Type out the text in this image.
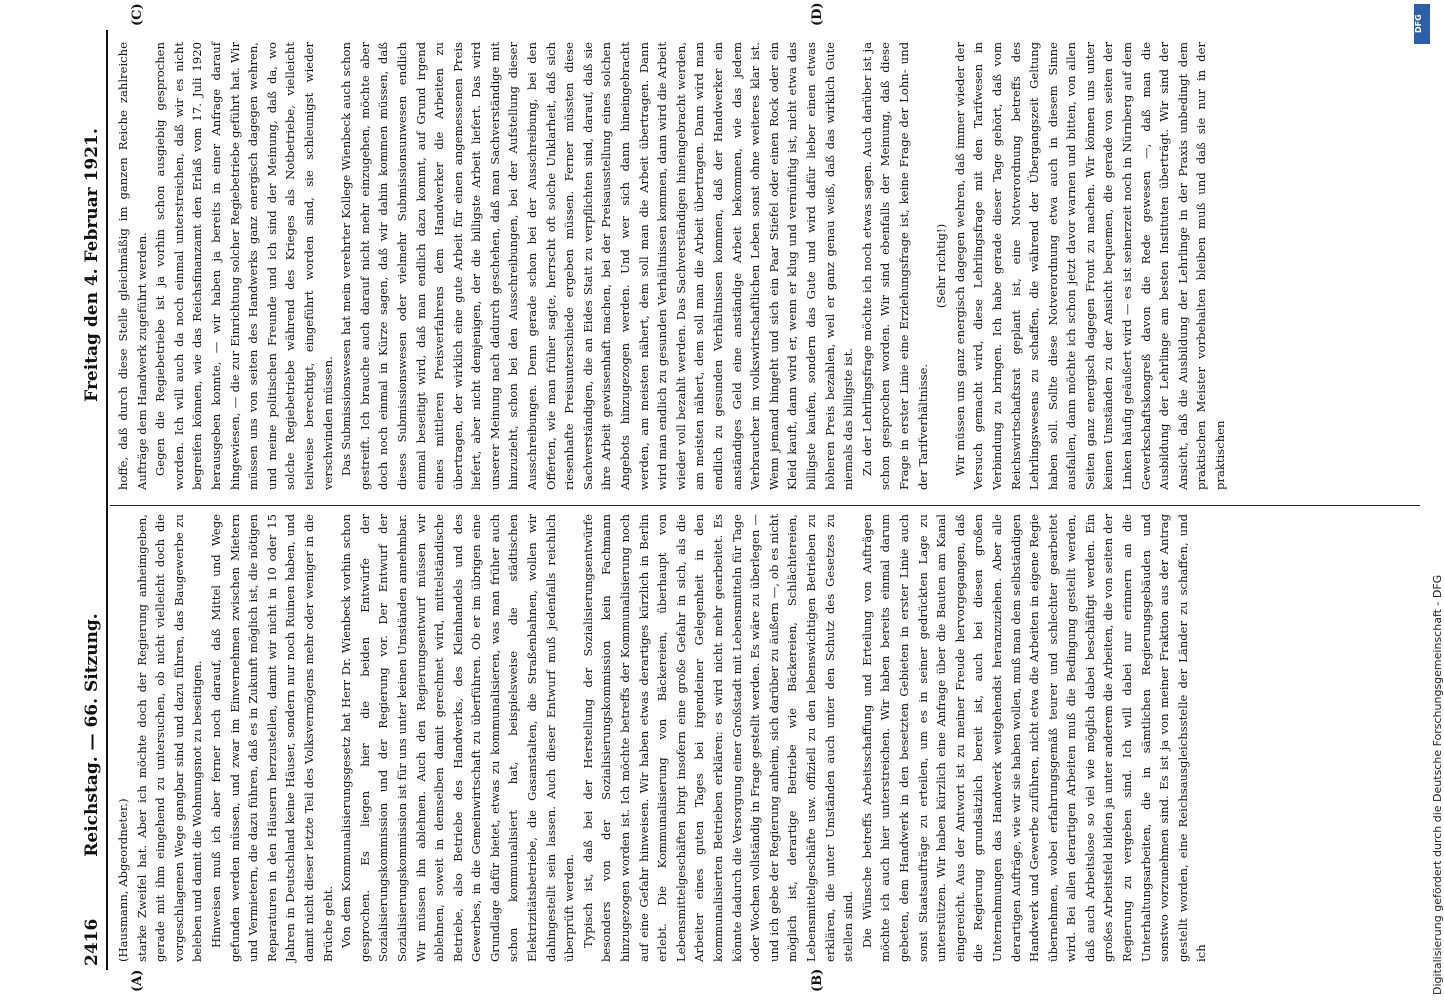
2416
Reichstag. — 66. Sitzung.
Freitag den 4. Februar 1921.
(A)	(B)
(C)	(D)

(Hausmann, Abgeordneter.) starke Zweifel hat. Aber ich möchte doch der Regierung anheimgeben, gerade mit ihm eingehend zu untersuchen, ob nicht vielleicht doch die vorgeschlagenen Wege gangbar sind und dazu führen, das Baugewerbe zu beleben und damit die Wohnungsnot zu beseitigen. Hinweisen muß ich aber ferner noch darauf, daß Mittel und Wege gefunden werden müssen, und zwar im Einvernehmen zwischen Mietern und Vermietern, die dazu führen, daß es in Zukunft möglich ist, die nötigen Reparaturen in den Häusern herzustellen, damit wir nicht in 10 oder 15 Jahren in Deutschland keine Häuser, sondern nur noch Ruinen haben, und damit nicht dieser letzte Teil des Volksvermögens mehr oder weniger in die Brüche geht. Von dem Kommunalisierungsgesetz hat Herr Dr. Wienbeck vorhin schon gesprochen. Es liegen hier die beiden Entwürfe der Sozialisierungskommission und der Regierung vor. Der Entwurf der Sozialisierungskommission ist für uns unter keinen Umständen annehmbar. Wir müssen ihn ablehnen. Auch den Regierungsentwurf müssen wir ablehnen, soweit in demselben damit gerechnet wird, mittelständische Betriebe, also Betriebe des Handwerks, des Kleinhandels und des Gewerbes, in die Gemeinwirtschaft zu überführen. Ob er im übrigen eine Grundlage dafür bietet, etwas zu kommunalisieren, was man früher auch schon kommunalisiert hat, beispielsweise die städtischen Elektrizitätsbetriebe, die Gasanstalten, die Straßenbahnen, wollen wir dahingestellt sein lassen. Auch dieser Entwurf muß jedenfalls reichlich überprüft werden. Typisch ist, daß bei der Herstellung der Sozialisierungsentwürfe besonders von der Sozialisierungskommission kein Fachmann hinzugezogen worden ist. Ich möchte betreffs der Kommunalisierung noch auf eine Gefahr hinweisen. Wir haben etwas derartiges kürzlich in Berlin erlebt. Die Kommunalisierung von Bäckereien, überhaupt von Lebensmittelgeschäften birgt insofern eine große Gefahr in sich, als die Arbeiter eines guten Tages bei irgendeiner Gelegenheit in den kommunalisierten Betrieben erklären: es wird nicht mehr gearbeitet. Es könnte dadurch die Versorgung einer Großstadt mit Lebensmitteln für Tage oder Wochen vollständig in Frage gestellt werden. Es wäre zu überlegen — und ich gebe der Regierung anheim, sich darüber zu äußern —, ob es nicht möglich ist, derartige Betriebe wie Bäckereien, Schlächtereien, Lebensmittelgeschäfte usw. offiziell zu den lebenswichtigen Betrieben zu erklären, die unter Umständen auch unter den Schutz des Gesetzes zu stellen sind. Die Wünsche betreffs Arbeitsschaffung und Erteilung von Aufträgen möchte ich auch hier unterstreichen. Wir haben bereits einmal darum gebeten, dem Handwerk in den besetzten Gebieten in erster Linie auch sonst Staatsaufträge zu erteilen, um es in seiner gedrückten Lage zu unterstützen. Wir haben kürzlich eine Anfrage über die Bauten am Kanal eingereicht. Aus der Antwort ist zu meiner Freude hervorgegangen, daß die Regierung grundsätzlich bereit ist, auch bei diesen großen Unternehmungen das Handwerk weitgehendst heranzuziehen. Aber alle derartigen Aufträge, wie wir sie haben wollen, muß man dem selbständigen Handwerk und Gewerbe zuführen, nicht etwa die Arbeiten in eigene Regie übernehmen, wobei erfahrungsgemäß teurer und schlechter gearbeitet wird. Bei allen derartigen Arbeiten muß die Bedingung gestellt werden, daß auch Arbeitslose so viel wie möglich dabei beschäftigt werden. Ein großes Arbeitsfeld bilden ja unter anderem die Arbeiten, die von seiten der Regierung zu vergeben sind. Ich will dabei nur erinnern an die Unterhaltungsarbeiten, die in sämtlichen Regierungsgebäuden und sonstwo vorzunehmen sind. Es ist ja von meiner Fraktion aus der Antrag gestellt worden, eine Reichsausgleichsstelle der Länder zu schaffen, und ich

hoffe, daß durch diese Stelle gleichmäßig im ganzen Reiche zahlreiche Aufträge dem Handwerk zugeführt werden. Gegen die Regiebetriebe ist ja vorhin schon ausgiebig gesprochen worden. Ich will auch da noch einmal unterstreichen, daß wir es nicht begreifen können, wie das Reichsfinanzamt den Erlaß vom 17. Juli 1920 herausgeben konnte, — wir haben ja bereits in einer Anfrage darauf hingewiesen, — die zur Einrichtung solcher Regiebetriebe geführt hat. Wir müssen uns von seiten des Handwerks ganz energisch dagegen wehren, und meine politischen Freunde und ich sind der Meinung, daß da, wo solche Regiebetriebe während des Krieges als Notbetriebe, vielleicht teilweise berechtigt, eingeführt worden sind, sie schleunigst wieder verschwinden müssen. Das Submissionswesen hat mein verehrter Kollege Wienbeck auch schon gestreift. Ich brauche auch darauf nicht mehr einzugehen, möchte aber doch noch einmal in Kürze sagen, daß wir dahin kommen müssen, daß dieses Submissionswesen oder vielmehr Submissionsunwesen endlich einmal beseitigt wird, daß man endlich dazu kommt, auf Grund irgend eines mittleren Preisverfahrens dem Handwerker die Arbeiten zu übertragen, der wirklich eine gute Arbeit für einen angemessenen Preis liefert, aber nicht demjenigen, der die billigste Arbeit liefert. Das wird unserer Meinung nach dadurch geschehen, daß man Sachverständige mit hinzuzieht, schon bei den Ausschreibungen, bei der Aufstellung dieser Ausschreibungen. Denn gerade schon bei der Ausschreibung, bei den Offerten, wie man früher sagte, herrscht oft solche Unklarheit, daß sich riesenhafte Preisunterschiede ergeben müssen. Ferner müssten diese Sachverständigen, die an Eides Statt zu verpflichten sind, darauf, daß sie ihre Arbeit gewissenhaft machen, bei der Preisausstellung eines solchen Angebots hinzugezogen werden. Und wer sich dann hineingebracht werden, am meisten nähert, dem soll man die Arbeit übertragen. Dann wird man endlich zu gesunden Verhältnissen kommen, dann wird die Arbeit wieder voll bezahlt werden. Das Sachverständigen hineingebracht werden, am meisten nähert, dem soll man die Arbeit übertragen. Dann wird man endlich zu gesunden Verhältnissen kommen, daß der Handwerker ein anständiges Geld eine anständige Arbeit bekommen, wie das jedem Verbraucher im volkswirtschaftlichen Leben sonst ohne weiteres klar ist. Wenn jemand hingeht und sich ein Paar Stiefel oder einen Rock oder ein Kleid kauft, dann wird er, wenn er klug und vernünftig ist, nicht etwa das billigste kaufen, sondern das Gute und wird dafür lieber einen etwas höheren Preis bezahlen, weil er ganz genau weiß, daß das wirklich Gute niemals das billigste ist. Zu der Lehrlingsfrage möchte ich noch etwas sagen. Auch darüber ist ja schon gesprochen worden. Wir sind ebenfalls der Meinung, daß diese Frage in erster Linie eine Erziehungsfrage ist, keine Frage der Lohn- und der Tarifverhältnisse.

(Sehr richtig!) Wir müssen uns ganz energisch dagegen wehren, daß immer wieder der Versuch gemacht wird, diese Lehrlingsfrage mit den Tarifwesen in Verbindung zu bringen. Ich habe gerade dieser Tage gehört, daß vom Reichswirtschaftsrat geplant ist, eine Notverordnung betreffs des Lehrlingswesens zu schaffen, die während der Übergangszeit Geltung haben soll. Sollte diese Notverordnung etwa auch in diesem Sinne ausfallen, dann möchte ich schon jetzt davor warnen und bitten, von allen Seiten ganz energisch dagegen Front zu machen. Wir können uns unter keinen Umständen zu der Ansicht bequemen, die gerade von seiten der Linken häufig geäußert wird — es ist seinerzeit noch in Nürnberg auf dem Gewerkschaftskongreß davon die Rede gewesen —, daß man die Ausbildung der Lehrlinge am besten Instituten überträgt. Wir sind der Ansicht, daß die Ausbildung der Lehrlinge in der Praxis unbedingt dem praktischen Meister vorbehalten bleiben muß und daß sie nur in der praktischen

DFG
Digitalisierung gefördert durch die Deutsche Forschungsgemeinschaft - DFG
